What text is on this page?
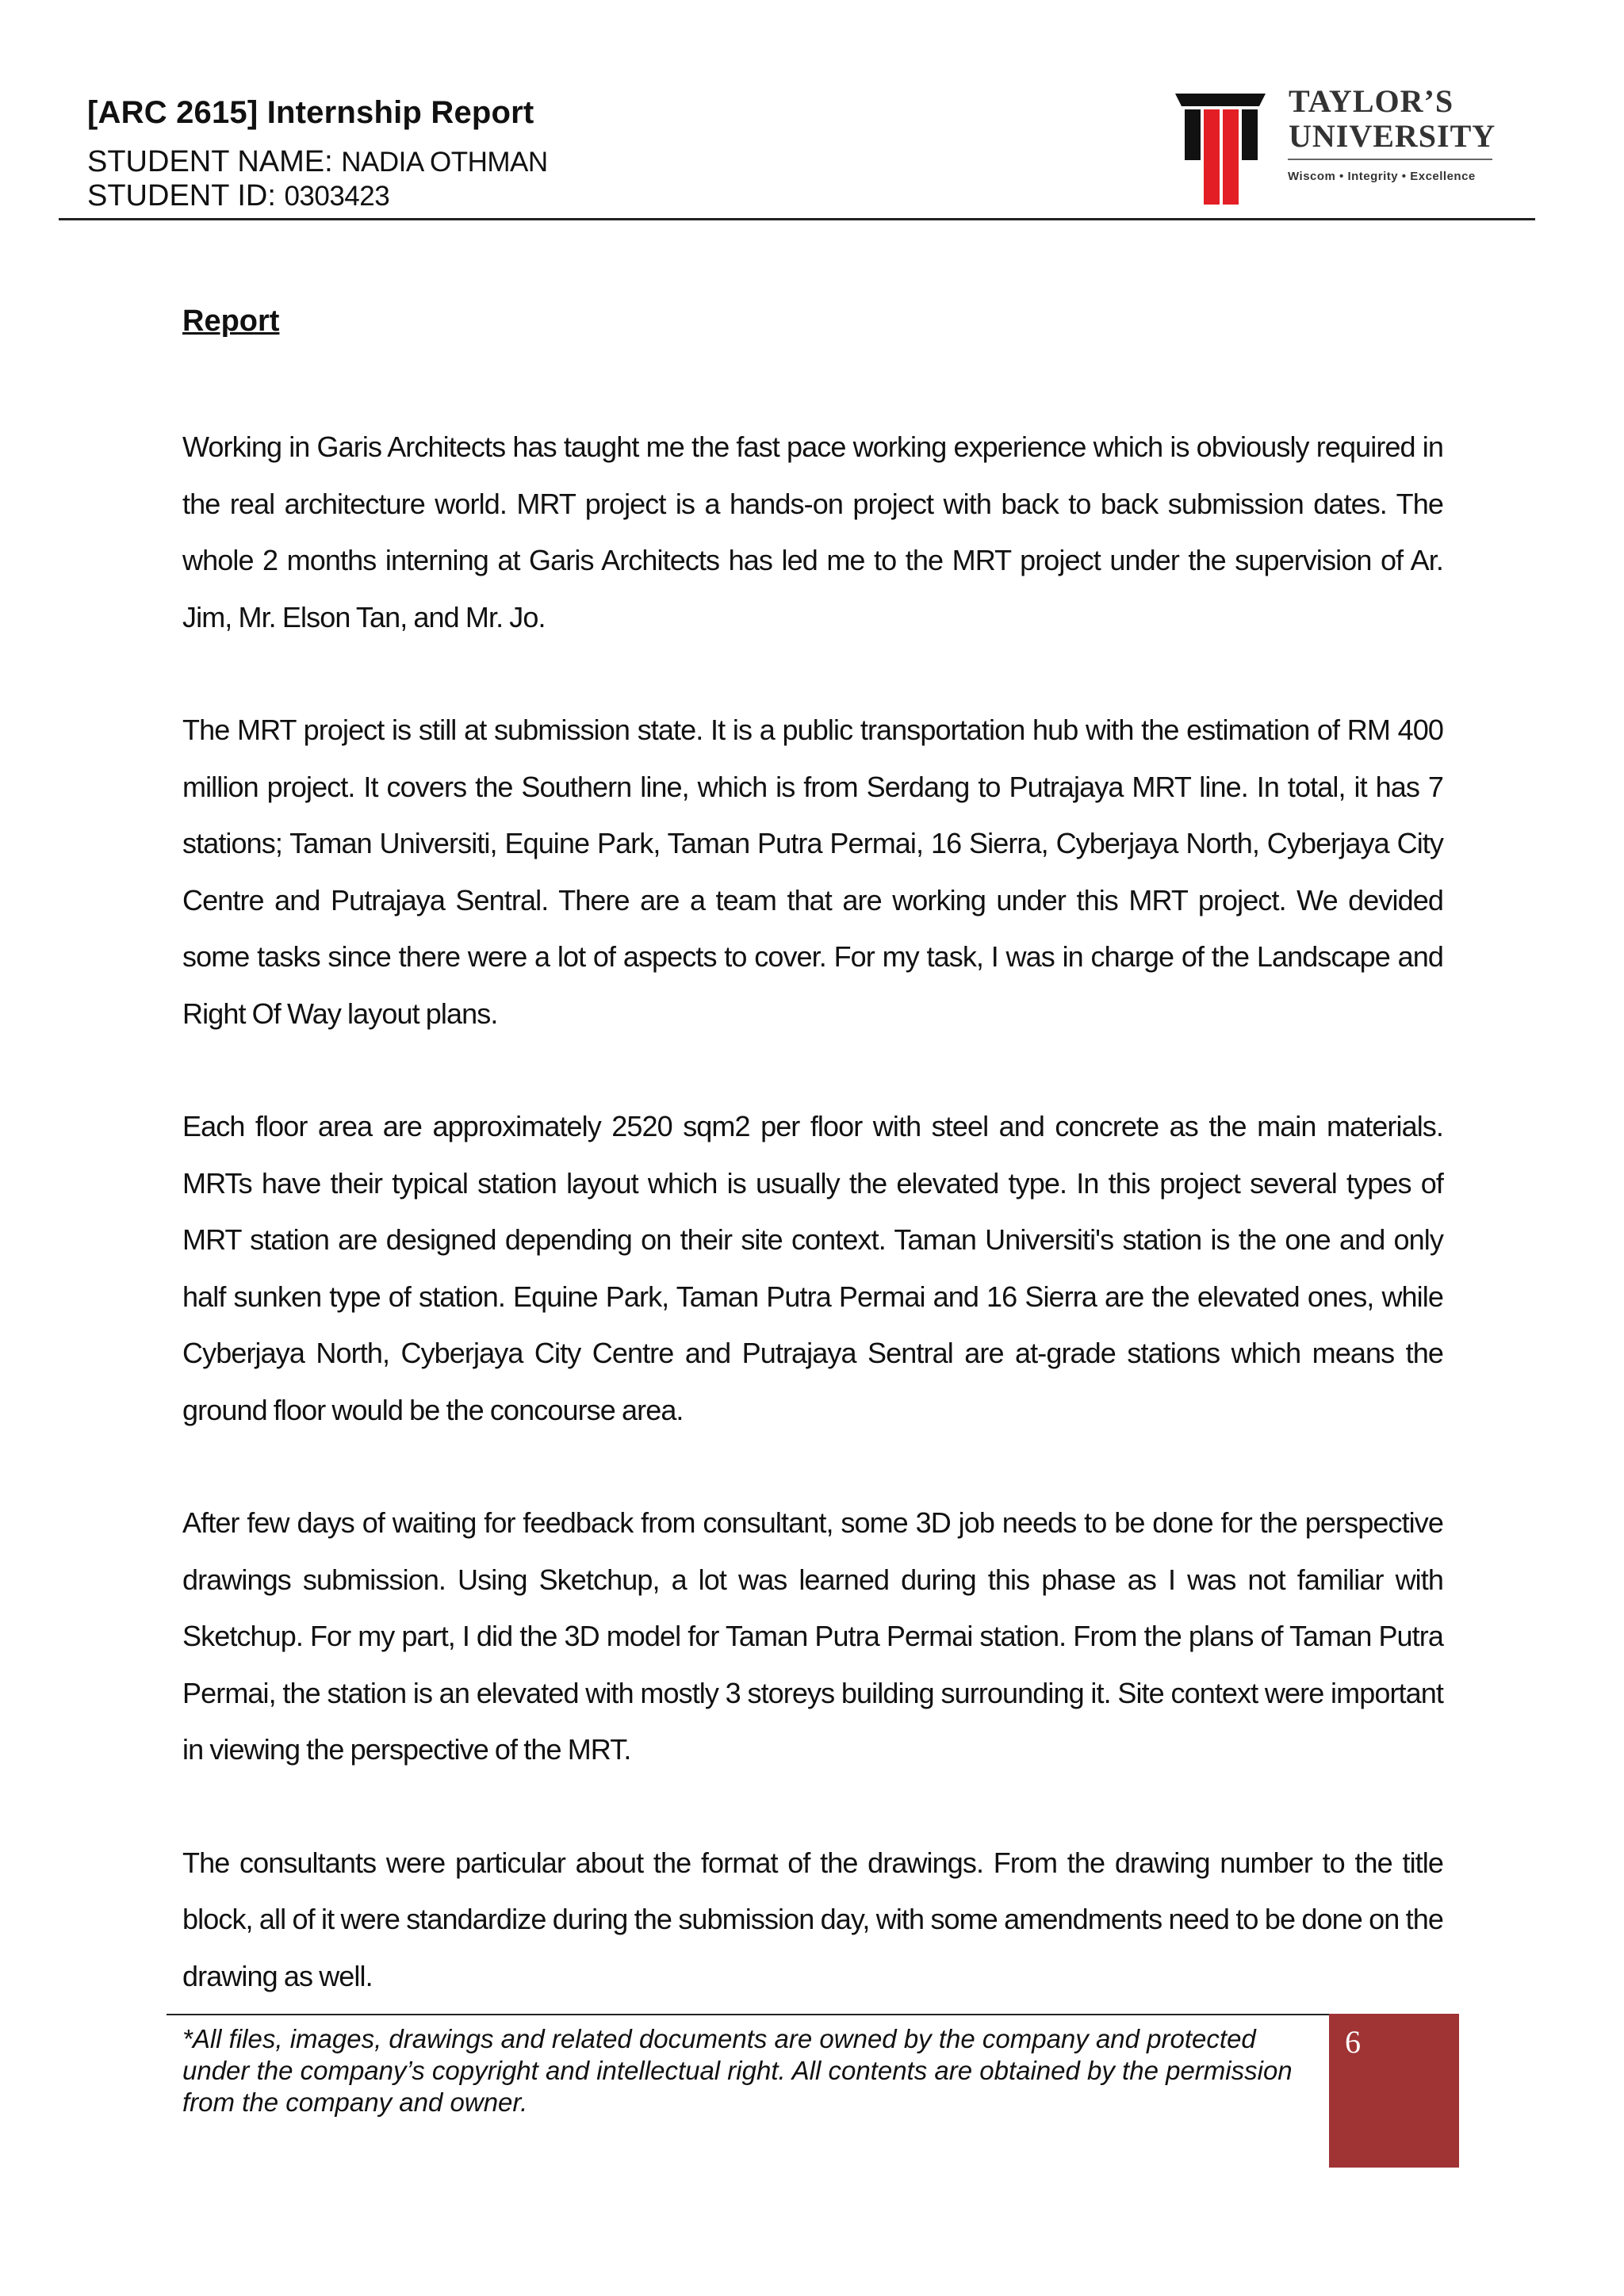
[ARC 2615] Internship Report
STUDENT NAME: NADIA OTHMAN
STUDENT ID: 0303423
TAYLOR’S
UNIVERSITY
Wiscom • Integrity • Excellence
Report

Working in Garis Architects has taught me the fast pace working experience which is obviously required in the real architecture world. MRT project is a hands-on project with back to back submission dates. The whole 2 months interning at Garis Architects has led me to the MRT project under the supervision of Ar. Jim, Mr. Elson Tan, and Mr. Jo.

The MRT project is still at submission state. It is a public transportation hub with the estimation of RM 400 million project. It covers the Southern line, which is from Serdang to Putrajaya MRT line. In total, it has 7 stations; Taman Universiti, Equine Park, Taman Putra Permai, 16 Sierra, Cyberjaya North, Cyberjaya City Centre and Putrajaya Sentral. There are a team that are working under this MRT project. We devided some tasks since there were a lot of aspects to cover. For my task, I was in charge of the Landscape and Right Of Way layout plans.

Each floor area are approximately 2520 sqm2 per floor with steel and concrete as the main materials. MRTs have their typical station layout which is usually the elevated type. In this project several types of MRT station are designed depending on their site context. Taman Universiti's station is the one and only half sunken type of station. Equine Park, Taman Putra Permai and 16 Sierra are the elevated ones, while Cyberjaya North, Cyberjaya City Centre and Putrajaya Sentral are at-grade stations which means the ground floor would be the concourse area.

After few days of waiting for feedback from consultant, some 3D job needs to be done for the perspective drawings submission. Using Sketchup, a lot was learned during this phase as I was not familiar with Sketchup. For my part, I did the 3D model for Taman Putra Permai station. From the plans of Taman Putra Permai, the station is an elevated with mostly 3 storeys building surrounding it. Site context were important in viewing the perspective of the MRT.

The consultants were particular about the format of the drawings. From the drawing number to the title block, all of it were standardize during the submission day, with some amendments need to be done on the drawing as well.

*All files, images, drawings and related documents are owned by the company and protected under the company’s copyright and intellectual right. All contents are obtained by the permission from the company and owner.
6
